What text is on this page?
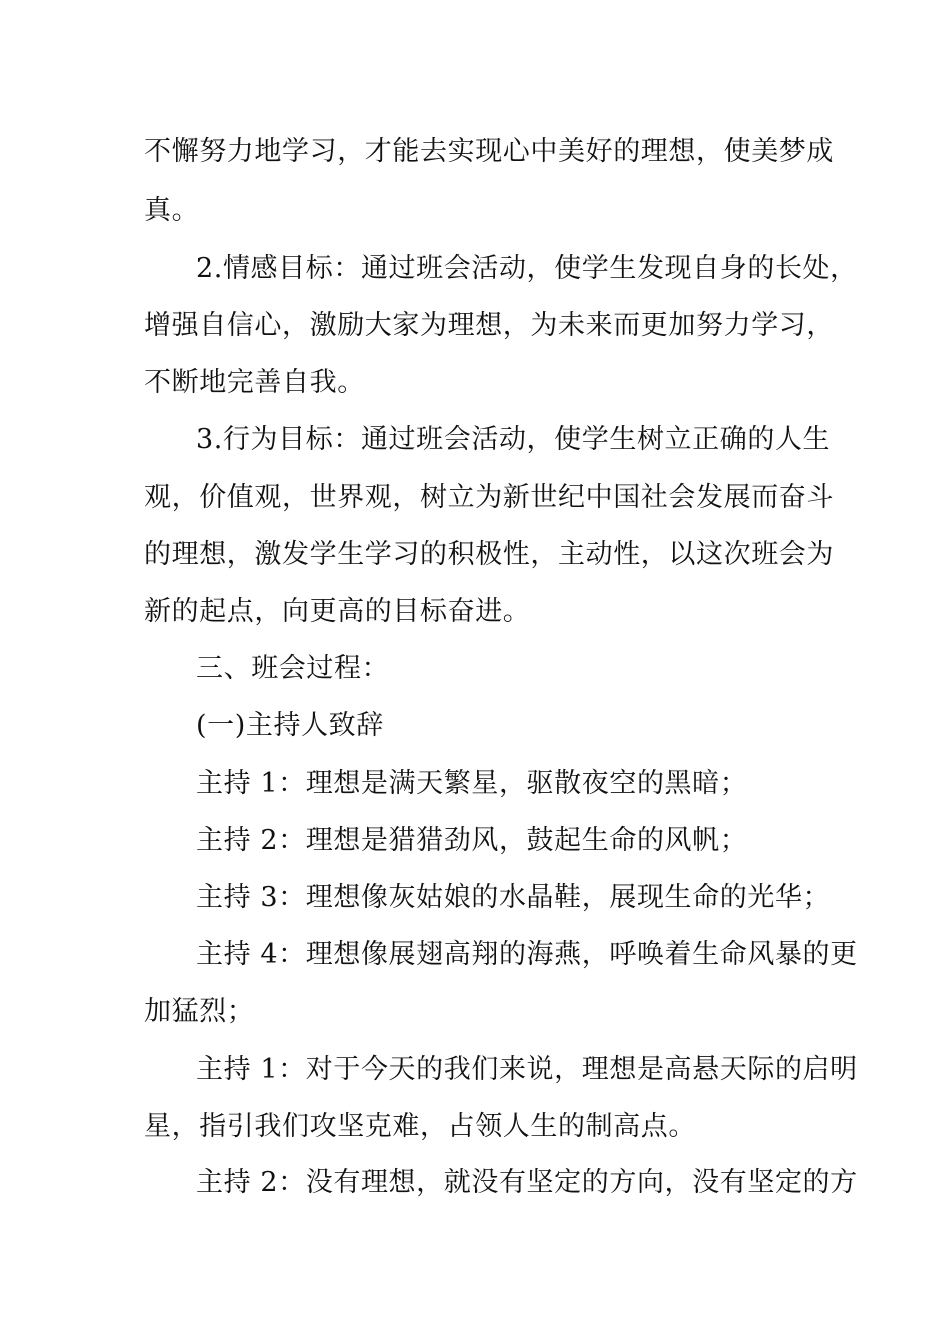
不懈努力地学习，才能去实现心中美好的理想，使美梦成
真。
2.情感目标：通过班会活动，使学生发现自身的长处，
增强自信心，激励大家为理想，为未来而更加努力学习，
不断地完善自我。
3.行为目标：通过班会活动，使学生树立正确的人生
观，价值观，世界观，树立为新世纪中国社会发展而奋斗
的理想，激发学生学习的积极性，主动性，以这次班会为
新的起点，向更高的目标奋进。
三、班会过程：
(一)主持人致辞
主持 1：理想是满天繁星，驱散夜空的黑暗；
主持 2：理想是猎猎劲风，鼓起生命的风帆；
主持 3：理想像灰姑娘的水晶鞋，展现生命的光华；
主持 4：理想像展翅高翔的海燕，呼唤着生命风暴的更
加猛烈；
主持 1：对于今天的我们来说，理想是高悬天际的启明
星，指引我们攻坚克难，占领人生的制高点。
主持 2：没有理想，就没有坚定的方向，没有坚定的方
